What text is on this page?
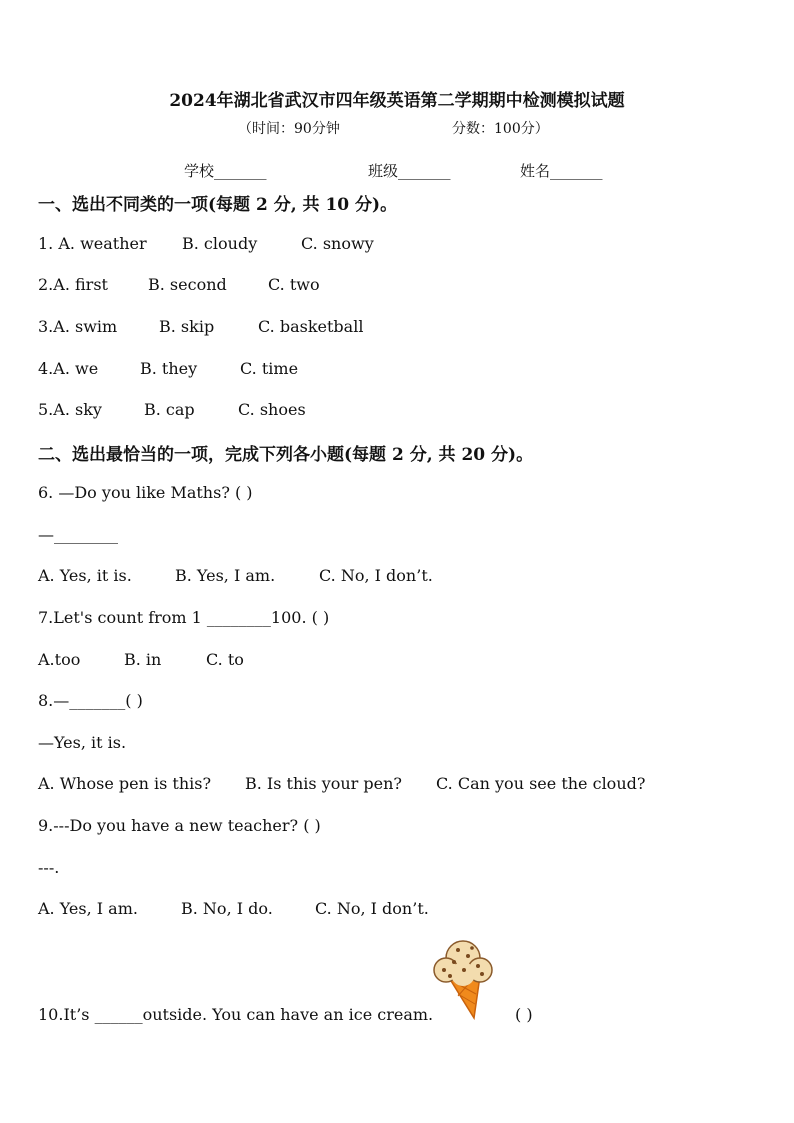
2024年湖北省武汉市四年级英语第二学期期中检测模拟试题
（时间：90分钟	分数：100分）
学校_______	班级_______	姓名_______
一、选出不同类的一项(每题 2 分, 共 10 分)。
1. A. weather B. cloudy	C. snowy
2.A. first	B. second	C. two
3.A. swim	B. skip	C. basketball
4.A. we	B. they	C. time
5.A. sky	B. cap	C. shoes
二、选出最恰当的一项，完成下列各小题(每题 2 分, 共 20 分)。
6. —Do you like Maths? ( )
—________
A. Yes, it is.	B. Yes, I am.	C. No, I don’t.
7.Let's count from 1 ________100. ( )
A.too	B. in	C. to
8.—_______( )
—Yes, it is.
A. Whose pen is this? B. Is this your pen? C. Can you see the cloud?
9.---Do you have a new teacher? ( )
---.
A. Yes, I am.	B. No, I do.	C. No, I don’t.
10.It’s ______outside. You can have an ice cream.	( )
